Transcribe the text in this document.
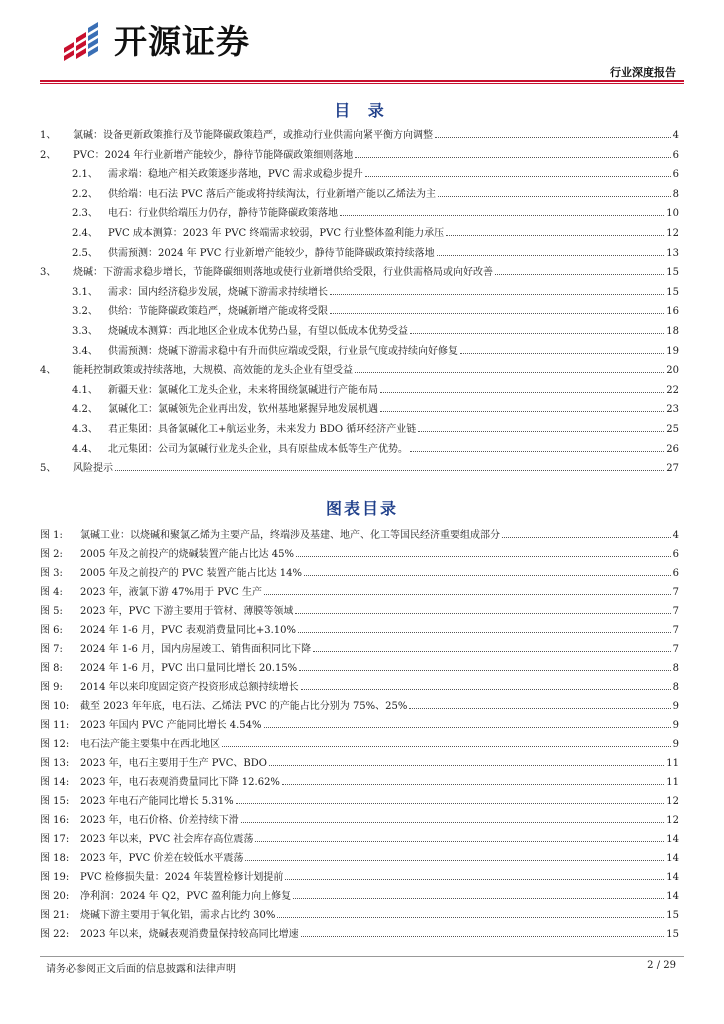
开源证券
行业深度报告
目 录
1、	氯碱：设备更新政策推行及节能降碳政策趋严，或推动行业供需向紧平衡方向调整	4
2、	PVC：2024 年行业新增产能较少，静待节能降碳政策细则落地	6
2.1、	需求端：稳地产相关政策逐步落地，PVC 需求或稳步提升	6
2.2、	供给端：电石法 PVC 落后产能或将持续淘汰，行业新增产能以乙烯法为主	8
2.3、	电石：行业供给端压力仍存，静待节能降碳政策落地	10
2.4、	PVC 成本测算：2023 年 PVC 终端需求较弱，PVC 行业整体盈利能力承压	12
2.5、	供需预测：2024 年 PVC 行业新增产能较少，静待节能降碳政策持续落地	13
3、	烧碱：下游需求稳步增长，节能降碳细则落地或使行业新增供给受限，行业供需格局或向好改善	15
3.1、	需求：国内经济稳步发展，烧碱下游需求持续增长	15
3.2、	供给：节能降碳政策趋严，烧碱新增产能或将受限	16
3.3、	烧碱成本测算：西北地区企业成本优势凸显，有望以低成本优势受益	18
3.4、	供需预测：烧碱下游需求稳中有升而供应端或受限，行业景气度或持续向好修复	19
4、	能耗控制政策或持续落地，大规模、高效能的龙头企业有望受益	20
4.1、	新疆天业：氯碱化工龙头企业，未来将围绕氯碱进行产能布局	22
4.2、	氯碱化工：氯碱领先企业再出发，钦州基地紧握异地发展机遇	23
4.3、	君正集团：具备氯碱化工+航运业务，未来发力 BDO 循环经济产业链	25
4.4、	北元集团：公司为氯碱行业龙头企业，具有原盐成本低等生产优势。	26
5、	风险提示	27
图表目录
图 1:	氯碱工业：以烧碱和聚氯乙烯为主要产品，终端涉及基建、地产、化工等国民经济重要组成部分	4
图 2:	2005 年及之前投产的烧碱装置产能占比达 45%	6
图 3:	2005 年及之前投产的 PVC 装置产能占比达 14%	6
图 4:	2023 年，液氯下游 47%用于 PVC 生产	7
图 5:	2023 年，PVC 下游主要用于管材、薄膜等领域	7
图 6:	2024 年 1-6 月，PVC 表观消费量同比+3.10%	7
图 7:	2024 年 1-6 月，国内房屋竣工、销售面积同比下降	7
图 8:	2024 年 1-6 月，PVC 出口量同比增长 20.15%	8
图 9:	2014 年以来印度固定资产投资形成总额持续增长	8
图 10:	截至 2023 年年底，电石法、乙烯法 PVC 的产能占比分别为 75%、25%	9
图 11:	2023 年国内 PVC 产能同比增长 4.54%	9
图 12:	电石法产能主要集中在西北地区	9
图 13:	2023 年，电石主要用于生产 PVC、BDO	11
图 14:	2023 年，电石表观消费量同比下降 12.62%	11
图 15:	2023 年电石产能同比增长 5.31%	12
图 16:	2023 年，电石价格、价差持续下滑	12
图 17:	2023 年以来，PVC 社会库存高位震荡	14
图 18:	2023 年，PVC 价差在较低水平震荡	14
图 19:	PVC 检修损失量：2024 年装置检修计划提前	14
图 20:	净利润：2024 年 Q2，PVC 盈利能力向上修复	14
图 21:	烧碱下游主要用于氧化铝，需求占比约 30%	15
图 22:	2023 年以来，烧碱表观消费量保持较高同比增速	15
请务必参阅正文后面的信息披露和法律声明	2 / 29
